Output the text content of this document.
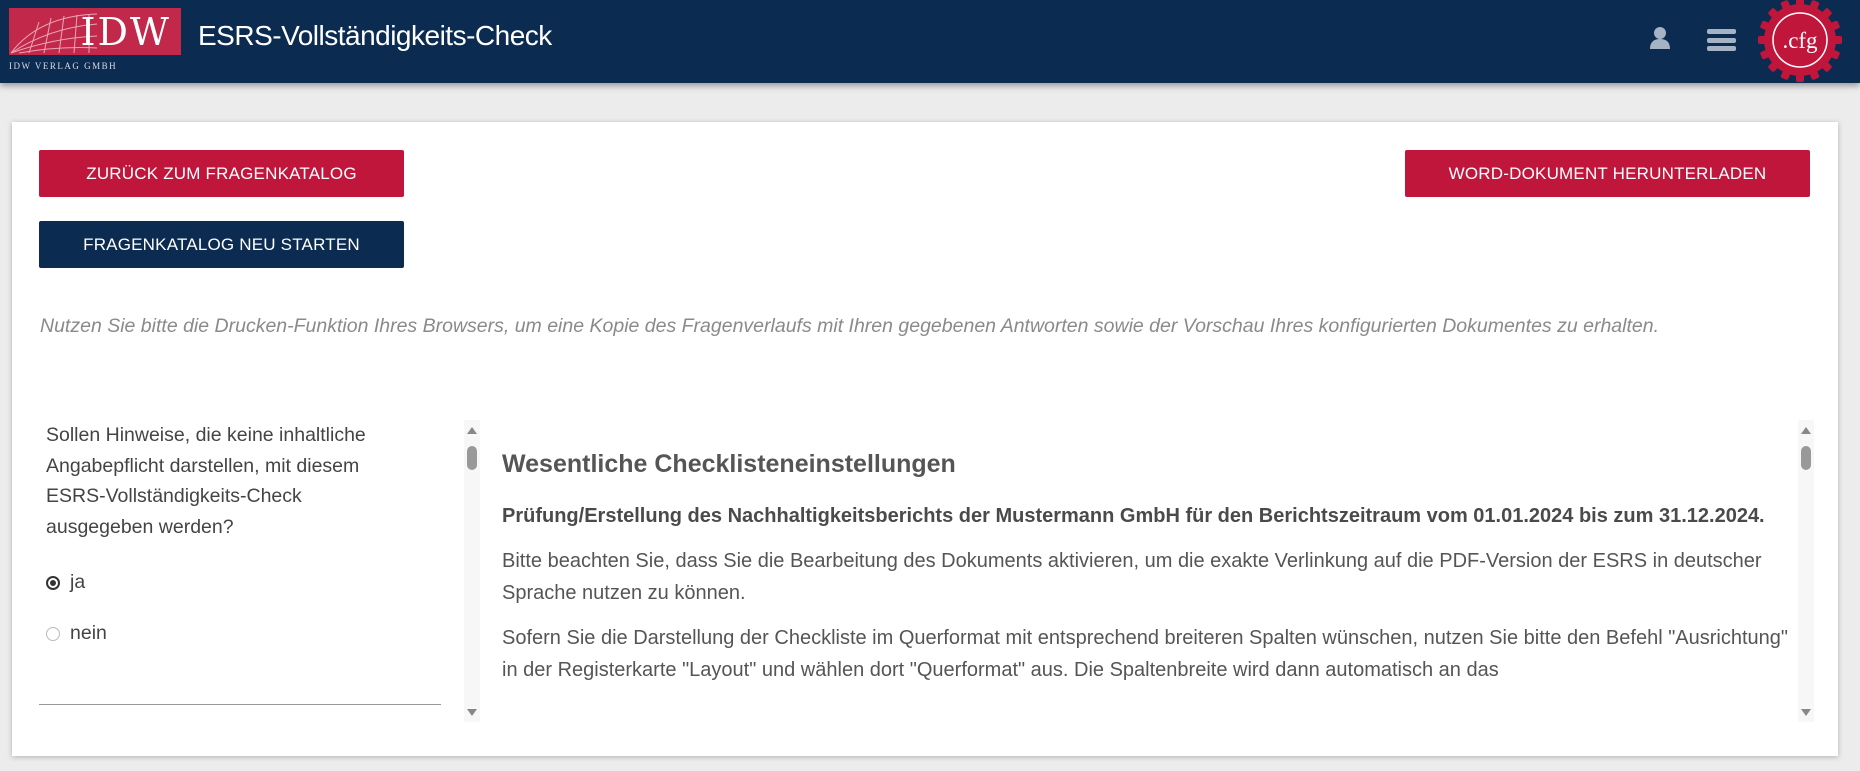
IDW
IDW VERLAG GMBH
ESRS-Vollständigkeits-Check	.cfg
ZURÜCK ZUM FRAGENKATALOG
FRAGENKATALOG NEU STARTEN
WORD-DOKUMENT HERUNTERLADEN
Nutzen Sie bitte die Drucken-Funktion Ihres Browsers, um eine Kopie des Fragenverlaufs mit Ihren gegebenen Antworten sowie der Vorschau Ihres konfigurierten Dokumentes zu erhalten.
Sollen Hinweise, die keine inhaltliche Angabepflicht darstellen, mit diesem ESRS-Vollständigkeits-Check ausgegeben werden?
ja
nein
Wesentliche Checklisteneinstellungen

Prüfung/Erstellung des Nachhaltigkeitsberichts der Mustermann GmbH für den Berichtszeitraum vom 01.01.2024 bis zum 31.12.2024.

Bitte beachten Sie, dass Sie die Bearbeitung des Dokuments aktivieren, um die exakte Verlinkung auf die PDF-Version der ESRS in deutscher Sprache nutzen zu können.

Sofern Sie die Darstellung der Checkliste im Querformat mit entsprechend breiteren Spalten wünschen, nutzen Sie bitte den Befehl "Ausrichtung" in der Registerkarte "Layout" und wählen dort "Querformat" aus. Die Spaltenbreite wird dann automatisch an das
